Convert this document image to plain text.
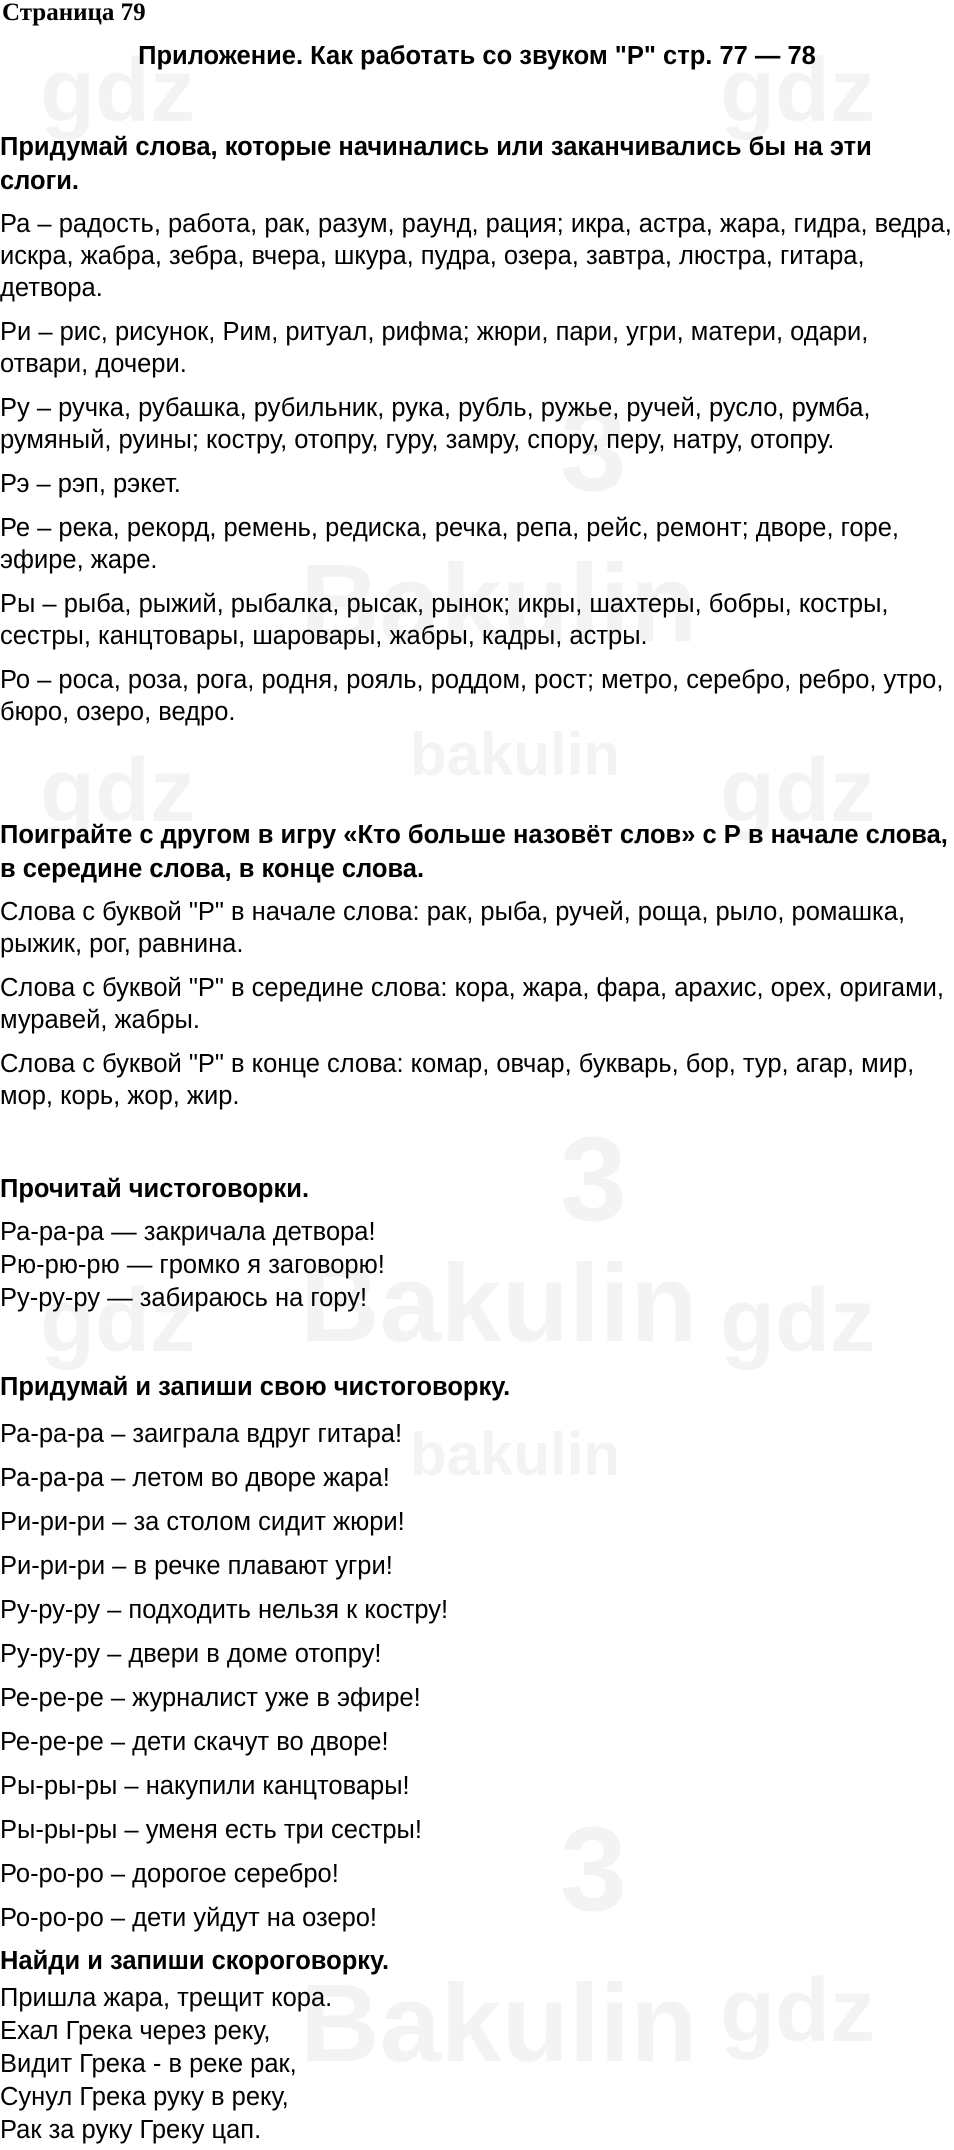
Страница 79
Приложение. Как работать со звуком "Р" стр. 77 — 78
Придумай слова, которые начинались или заканчивались бы на эти слоги.
Ра – радость, работа, рак, разум, раунд, рация; икра, астра, жара, гидра, ведра, искра, жабра, зебра, вчера, шкура, пудра, озера, завтра, люстра, гитара, детвора.
Ри – рис, рисунок, Рим, ритуал, рифма; жюри, пари, угри, матери, одари, отвари, дочери.
Ру – ручка, рубашка, рубильник, рука, рубль, ружье, ручей, русло, румба, румяный, руины; костру, отопру, гуру, замру, спору, перу, натру, отопру.
Рэ – рэп, рэкет.
Ре – река, рекорд, ремень, редиска, речка, репа, рейс, ремонт; дворе, горе, эфире, жаре.
Ры – рыба, рыжий, рыбалка, рысак, рынок; икры, шахтеры, бобры, костры, сестры, канцтовары, шаровары, жабры, кадры, астры.
Ро – роса, роза, рога, родня, рояль, роддом, рост; метро, серебро, ребро, утро, бюро, озеро, ведро.
Поиграйте с другом в игру «Кто больше назовёт слов» с Р в начале слова, в середине слова, в конце слова.
Слова с буквой "Р" в начале слова: рак, рыба, ручей, роща, рыло, ромашка, рыжик, рог, равнина.
Слова с буквой "Р" в середине слова: кора, жара, фара, арахис, орех, оригами, муравей, жабры.
Слова с буквой "Р" в конце слова: комар, овчар, букварь, бор, тур, агар, мир, мор, корь, жор, жир.
Прочитай чистоговорки.
Ра-ра-ра — закричала детвора!
Рю-рю-рю — громко я заговорю!
Ру-ру-ру — забираюсь на гору!
Придумай и запиши свою чистоговорку.
Ра-ра-ра – заиграла вдруг гитара!
Ра-ра-ра – летом во дворе жара!
Ри-ри-ри – за столом сидит жюри!
Ри-ри-ри – в речке плавают угри!
Ру-ру-ру – подходить нельзя к костру!
Ру-ру-ру – двери в доме отопру!
Ре-ре-ре – журналист уже в эфире!
Ре-ре-ре – дети скачут во дворе!
Ры-ры-ры – накупили канцтовары!
Ры-ры-ры – уменя есть три сестры!
Ро-ро-ро – дорогое серебро!
Ро-ро-ро – дети уйдут на озеро!
Найди и запиши скороговорку.
Пришла жара, трещит кора.
Ехал Грека через реку,
Видит Грека - в реке рак,
Сунул Грека руку в реку,
Рак за руку Греку цап.
